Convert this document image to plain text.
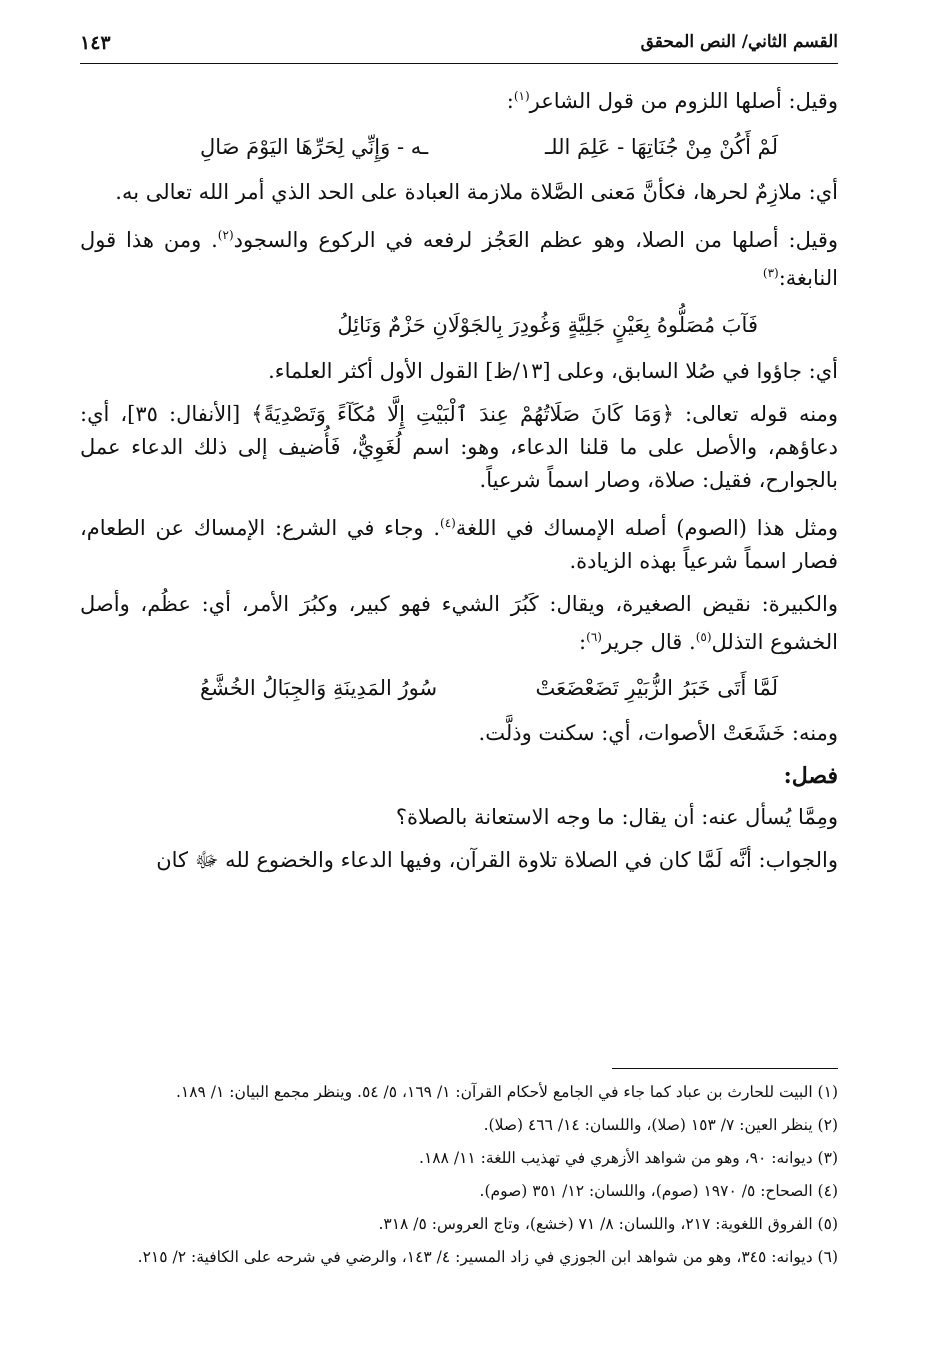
القسم الثاني/ النص المحقق
١٤٣

وقيل: أصلها اللزوم من قول الشاعر$^{(١)}$:

لَمْ أَكُنْ مِنْ جُنَاتِهَا - عَلِمَ اللـ
ـه - وَإِنِّي لِحَرِّهَا اليَوْمَ صَالِ

أي: ملازِمٌ لحرها، فكأنَّ مَعنى الصَّلاة ملازمة العبادة على الحد الذي أمر الله تعالى به.

وقيل: أصلها من الصلا، وهو عظم العَجُز لرفعه في الركوع والسجود$^{(٢)}$. ومن هذا قول النابغة:$^{(٣)}$

فَآبَ مُصَلُّوهُ بِعَيْنٍ جَلِيَّةٍ وَغُودِرَ بِالجَوْلَانِ حَزْمٌ وَنَائِلُ

أي: جاؤوا في صُلا السابق، وعلى [١٣/ظ] القول الأول أكثر العلماء.

ومنه قوله تعالى: ﴿وَمَا كَانَ صَلَاتُهُمْ عِندَ ٱلْبَيْتِ إِلَّا مُكَآءً وَتَصْدِيَةً﴾ [الأنفال: ٣٥]، أي: دعاؤهم، والأصل على ما قلنا الدعاء، وهو: اسم لُغَوِيٌّ، فَأُضيف إلى ذلك الدعاء عمل بالجوارح، فقيل: صلاة، وصار اسماً شرعياً.

ومثل هذا (الصوم) أصله الإمساك في اللغة$^{(٤)}$. وجاء في الشرع: الإمساك عن الطعام، فصار اسماً شرعياً بهذه الزيادة.

والكبيرة: نقيض الصغيرة، ويقال: كَبُرَ الشيء فهو كبير، وكبُرَ الأمر، أي: عظُم، وأصل الخشوع التذلل$^{(٥)}$. قال جرير$^{(٦)}$:

لَمَّا أَتَى خَبَرُ الزُّبَيْرِ تَضَعْضَعَتْ
سُورُ المَدِينَةِ وَالجِبَالُ الخُشَّعُ

ومنه: خَشَعَتْ الأصوات، أي: سكنت وذلَّت.

فصل:

ومِمَّا يُسأل عنه: أن يقال: ما وجه الاستعانة بالصلاة؟

والجواب: أنَّه لَمَّا كان في الصلاة تلاوة القرآن، وفيها الدعاء والخضوع لله ﷻ كان

(١) البيت للحارث بن عباد كما جاء في الجامع لأحكام القرآن: ١/ ١٦٩، ٥/ ٥٤. وينظر مجمع البيان: ١/ ١٨٩.

(٢) ينظر العين: ٧/ ١٥٣ (صلا)، واللسان: ١٤/ ٤٦٦ (صلا).

(٣) ديوانه: ٩٠، وهو من شواهد الأزهري في تهذيب اللغة: ١١/ ١٨٨.

(٤) الصحاح: ٥/ ١٩٧٠ (صوم)، واللسان: ١٢/ ٣٥١ (صوم).

(٥) الفروق اللغوية: ٢١٧، واللسان: ٨/ ٧١ (خشع)، وتاج العروس: ٥/ ٣١٨.

(٦) ديوانه: ٣٤٥، وهو من شواهد ابن الجوزي في زاد المسير: ٤/ ١٤٣، والرضي في شرحه على الكافية: ٢/ ٢١٥.
